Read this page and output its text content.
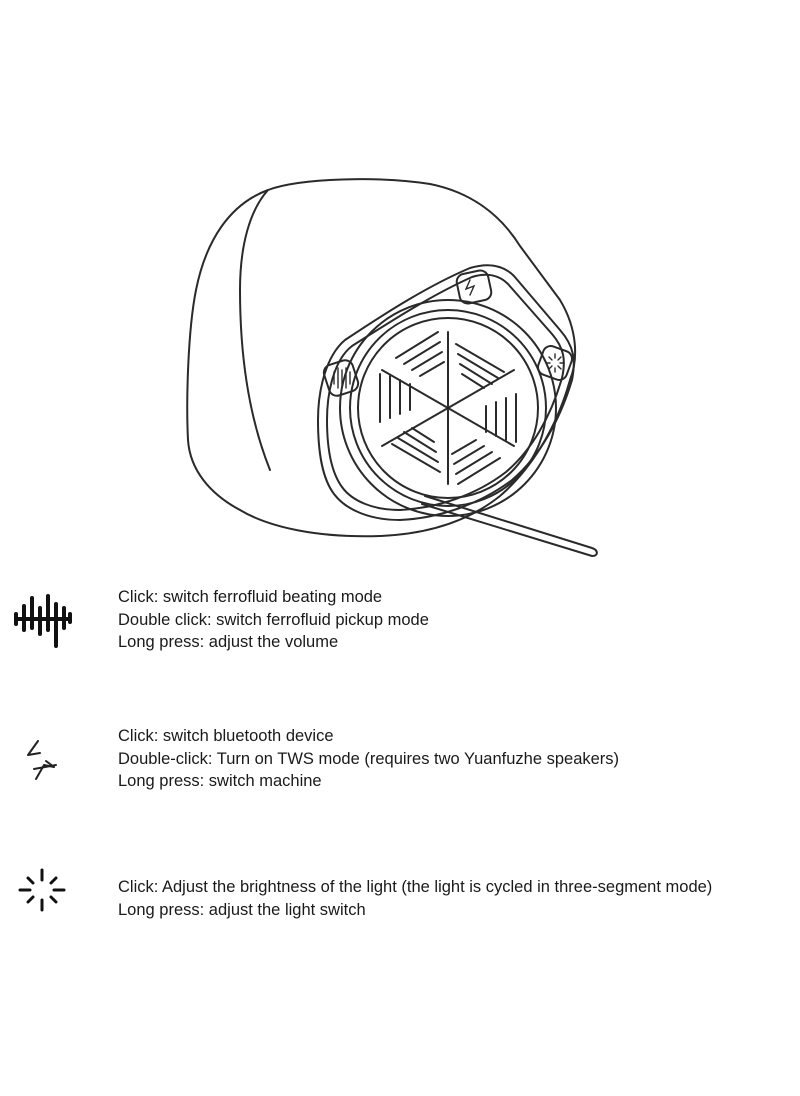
Click: switch ferrofluid beating mode
Double click: switch ferrofluid pickup mode
Long press: adjust the volume
Click: switch bluetooth device
Double-click: Turn on TWS mode (requires two Yuanfuzhe speakers)
Long press: switch machine
Click: Adjust the brightness of the light (the light is cycled in three-segment mode)
Long press: adjust the light switch
